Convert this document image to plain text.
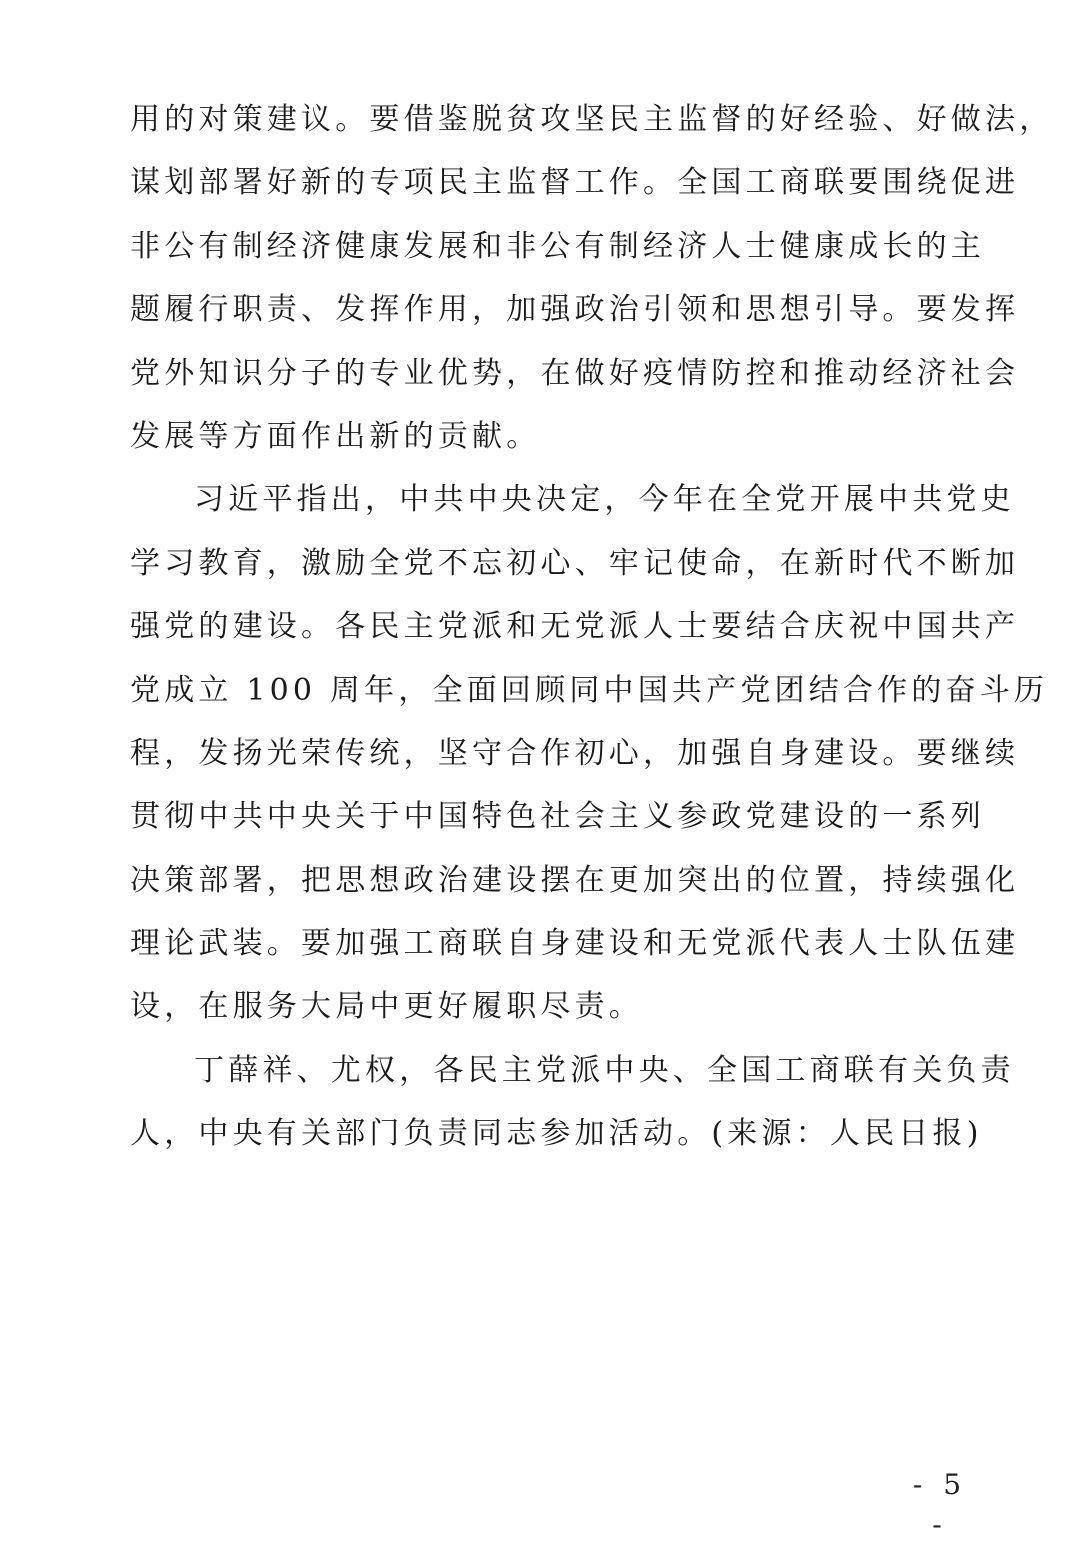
用的对策建议。要借鉴脱贫攻坚民主监督的好经验、好做法，
谋划部署好新的专项民主监督工作。全国工商联要围绕促进
非公有制经济健康发展和非公有制经济人士健康成长的主
题履行职责、发挥作用，加强政治引领和思想引导。要发挥
党外知识分子的专业优势，在做好疫情防控和推动经济社会
发展等方面作出新的贡献。
习近平指出，中共中央决定，今年在全党开展中共党史
学习教育，激励全党不忘初心、牢记使命，在新时代不断加
强党的建设。各民主党派和无党派人士要结合庆祝中国共产
党成立 100 周年，全面回顾同中国共产党团结合作的奋斗历
程，发扬光荣传统，坚守合作初心，加强自身建设。要继续
贯彻中共中央关于中国特色社会主义参政党建设的一系列
决策部署，把思想政治建设摆在更加突出的位置，持续强化
理论武装。要加强工商联自身建设和无党派代表人士队伍建
设，在服务大局中更好履职尽责。
丁薛祥、尤权，各民主党派中央、全国工商联有关负责
人，中央有关部门负责同志参加活动。(来源：人民日报)
- 5 -
